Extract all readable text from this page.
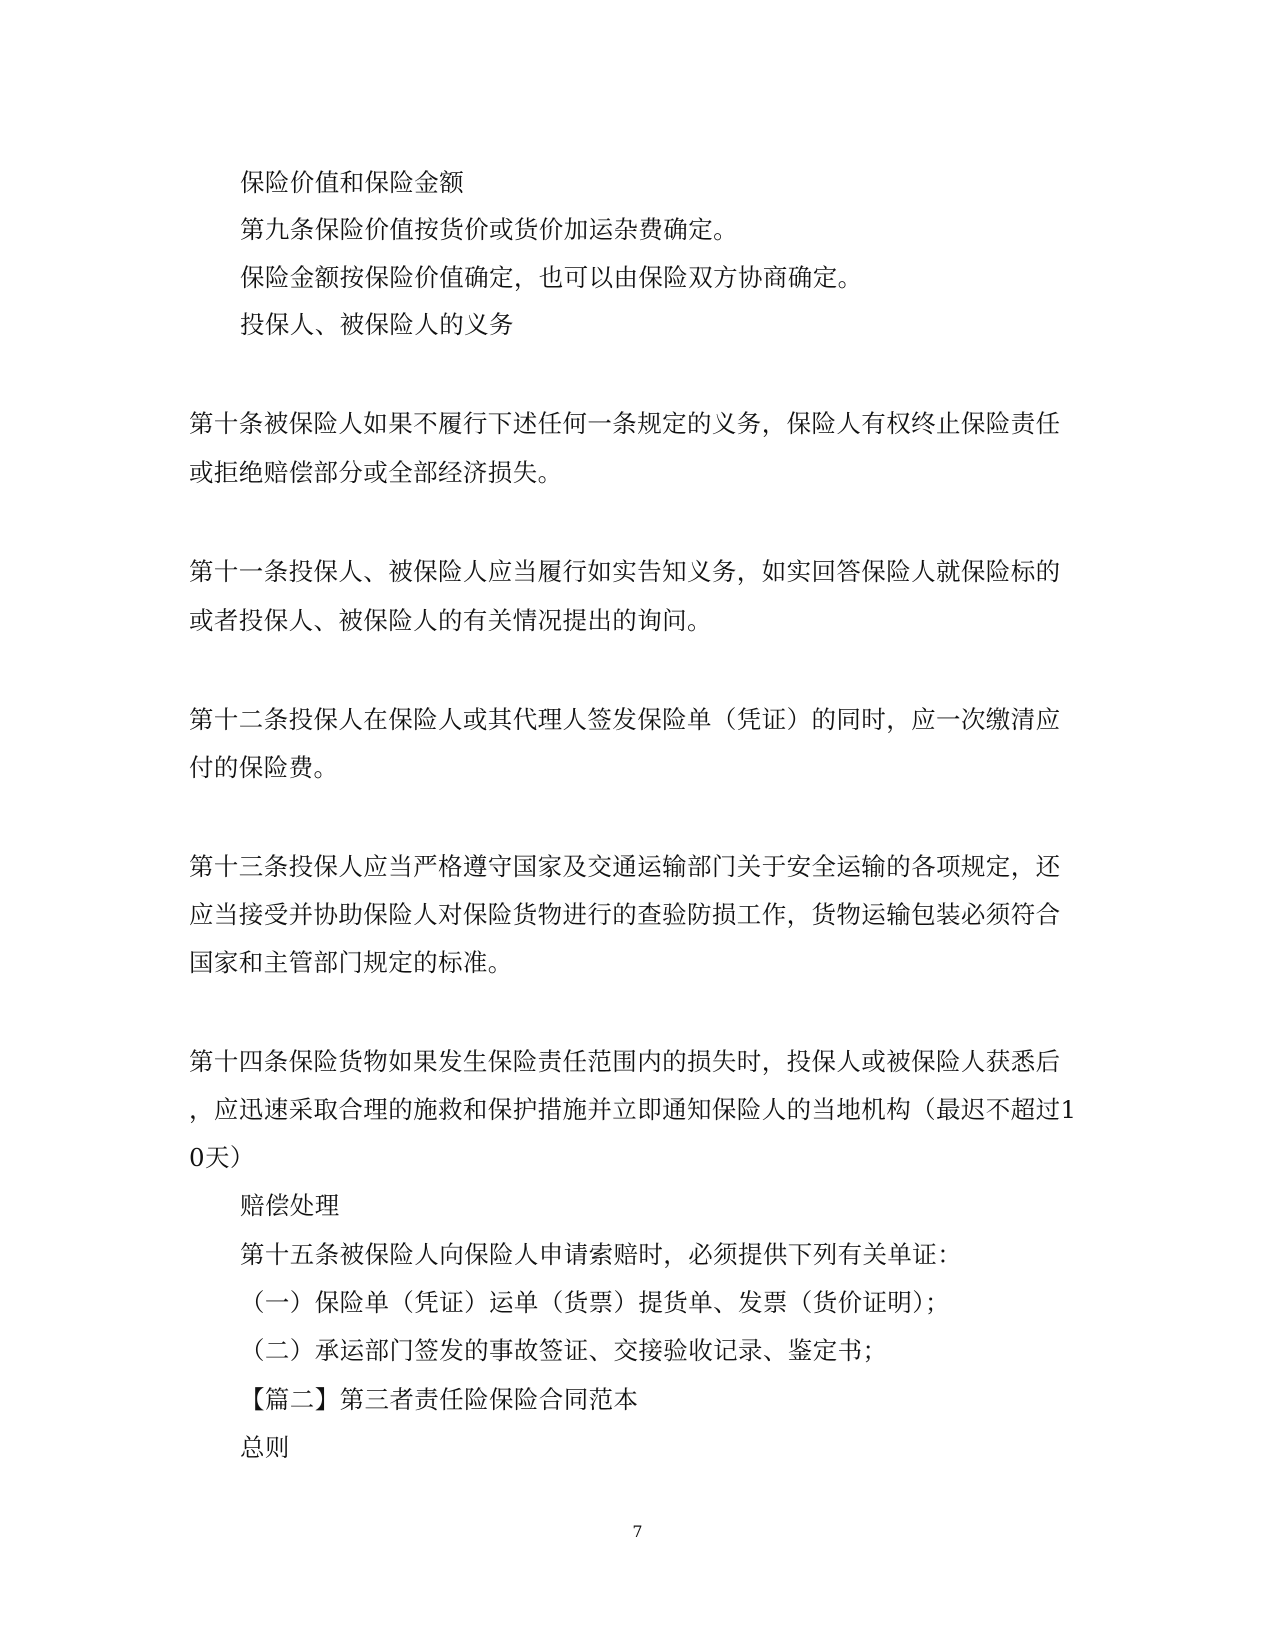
保险价值和保险金额
第九条保险价值按货价或货价加运杂费确定。
保险金额按保险价值确定，也可以由保险双方协商确定。
投保人、被保险人的义务
第十条被保险人如果不履行下述任何一条规定的义务，保险人有权终止保险责任
或拒绝赔偿部分或全部经济损失。
第十一条投保人、被保险人应当履行如实告知义务，如实回答保险人就保险标的
或者投保人、被保险人的有关情况提出的询问。
第十二条投保人在保险人或其代理人签发保险单（凭证）的同时，应一次缴清应
付的保险费。
第十三条投保人应当严格遵守国家及交通运输部门关于安全运输的各项规定，还
应当接受并协助保险人对保险货物进行的查验防损工作，货物运输包装必须符合
国家和主管部门规定的标准。
第十四条保险货物如果发生保险责任范围内的损失时，投保人或被保险人获悉后
，应迅速采取合理的施救和保护措施并立即通知保险人的当地机构（最迟不超过1
0天）
赔偿处理
第十五条被保险人向保险人申请索赔时，必须提供下列有关单证：
（一）保险单（凭证）运单（货票）提货单、发票（货价证明）；
（二）承运部门签发的事故签证、交接验收记录、鉴定书；
【篇二】第三者责任险保险合同范本
总则
7
